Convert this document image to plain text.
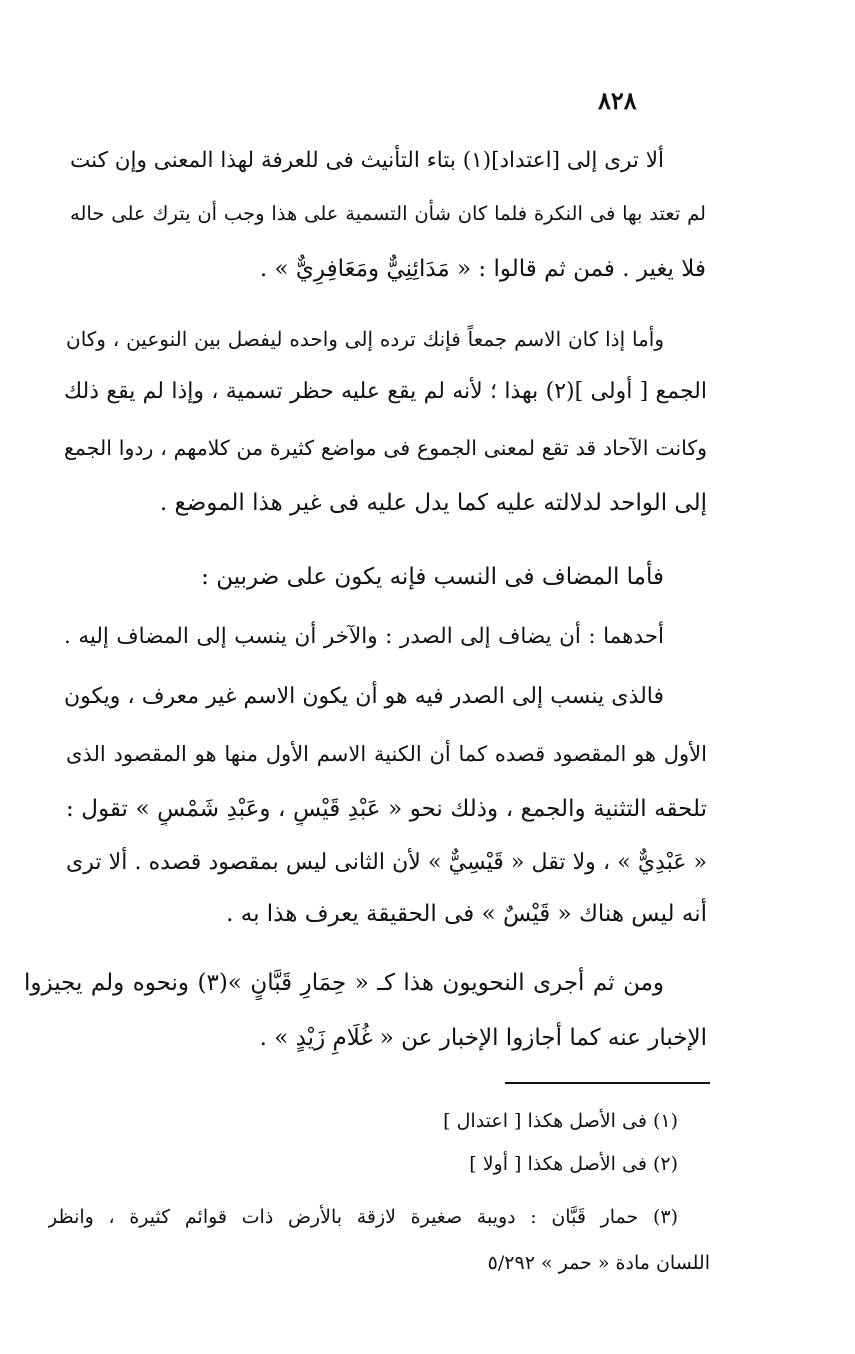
٨٢٨
ألا ترى إلى [اعتداد](١) بتاء التأنيث فى للعرفة لهذا المعنى وإن كنت
لم تعتد بها فى النكرة فلما كان شأن التسمية على هذا وجب أن يترك على حاله
فلا يغير . فمن ثم قالوا : « مَدَائِنِيٌّ ومَعَافِرِيٌّ » .
وأما إذا كان الاسم جمعاً فإنك ترده إلى واحده ليفصل بين النوعين ، وكان
الجمع [ أولى ](٢) بهذا ؛ لأنه لم يقع عليه حظر تسمية ، وإذا لم يقع ذلك
وكانت الآحاد قد تقع لمعنى الجموع فى مواضع كثيرة من كلامهم ، ردوا الجمع
إلى الواحد لدلالته عليه كما يدل عليه فى غير هذا الموضع .
فأما المضاف فى النسب فإنه يكون على ضربين :
أحدهما : أن يضاف إلى الصدر : والآخر أن ينسب إلى المضاف إليه .
فالذى ينسب إلى الصدر فيه هو أن يكون الاسم غير معرف ، ويكون
الأول هو المقصود قصده كما أن الكنية الاسم الأول منها هو المقصود الذى
تلحقه التثنية والجمع ، وذلك نحو « عَبْدِ قَيْسٍ ، وعَبْدِ شَمْسٍ » تقول :
« عَبْدِيٌّ » ، ولا تقل « قَيْسِيٌّ » لأن الثانى ليس بمقصود قصده . ألا ترى
أنه ليس هناك « قَيْسٌ » فى الحقيقة يعرف هذا به .
ومن ثم أجرى النحويون هذا كـ « حِمَارِ قَبَّانٍ »(٣) ونحوه ولم يجيزوا
الإخبار عنه كما أجازوا الإخبار عن « غُلَامِ زَيْدٍ » .
(١) فى الأصل هكذا [ اعتدال ]
(٢) فى الأصل هكذا [ أولا ]
(٣) حمار قَبَّان : دويبة صغيرة لازقة بالأرض ذات قوائم كثيرة ، وانظر
اللسان مادة « حمر » ٥/٢٩٢
